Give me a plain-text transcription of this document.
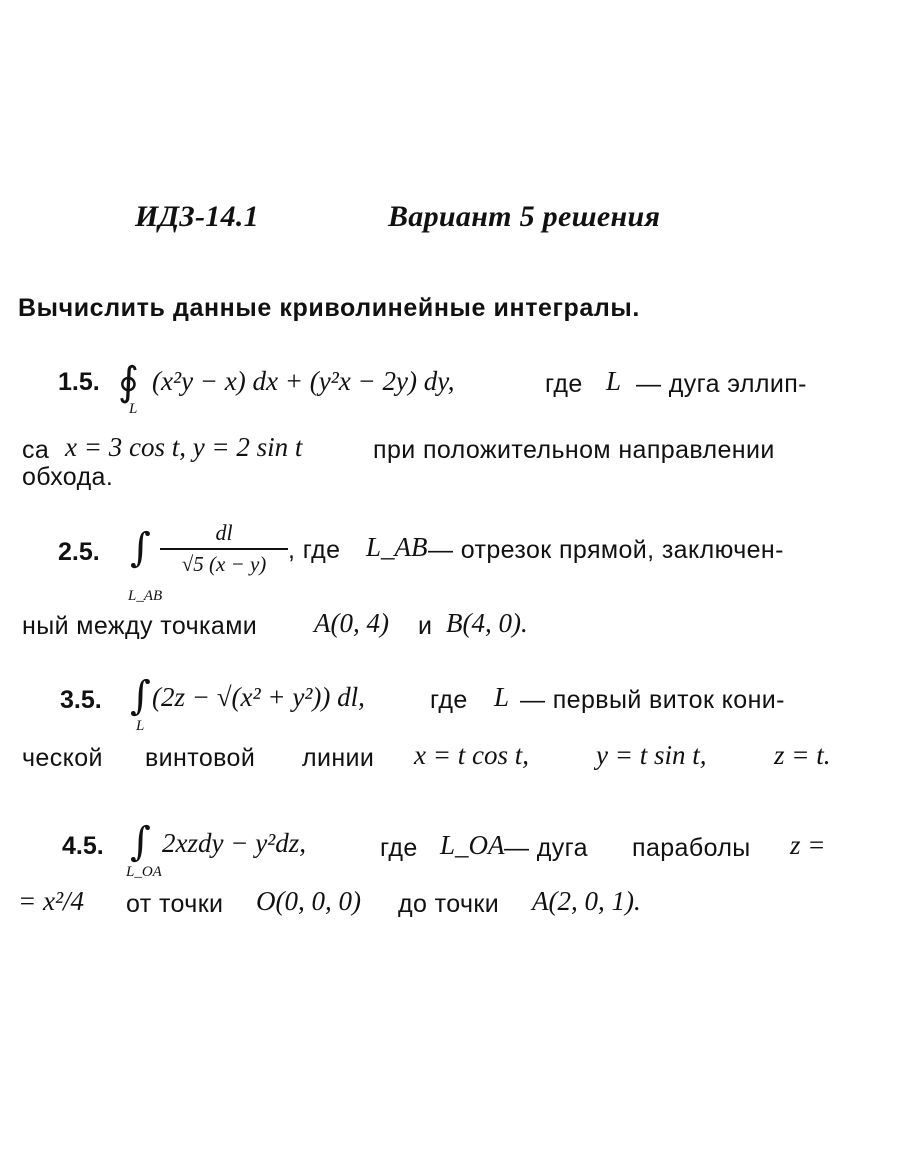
ИДЗ-14.1	Вариант 5 решения
Вычислить данные криволинейные интегралы.
1.5. ∮
L
(x²y − x) dx + (y²x − 2y) dy,	где L — дуга эллип-
са x = 3 cos t, y = 2 sin t	при положительном направлении
обхода.
2.5. ∫
L_AB
dl
√5 (x − y) , где L_AB — отрезок прямой, заключен-
ный между точками A(0, 4) и B(4, 0).
3.5. ∫
L
(2z − √(x² + y²)) dl,	где L — первый виток кони-
ческой винтовой линии x = t cos t, y = t sin t,	z = t.
4.5. ∫
L_OA
2xzdy − y²dz,	где L_OA — дуга параболы z =
= x²/4 от точки O(0, 0, 0) до точки A(2, 0, 1).
